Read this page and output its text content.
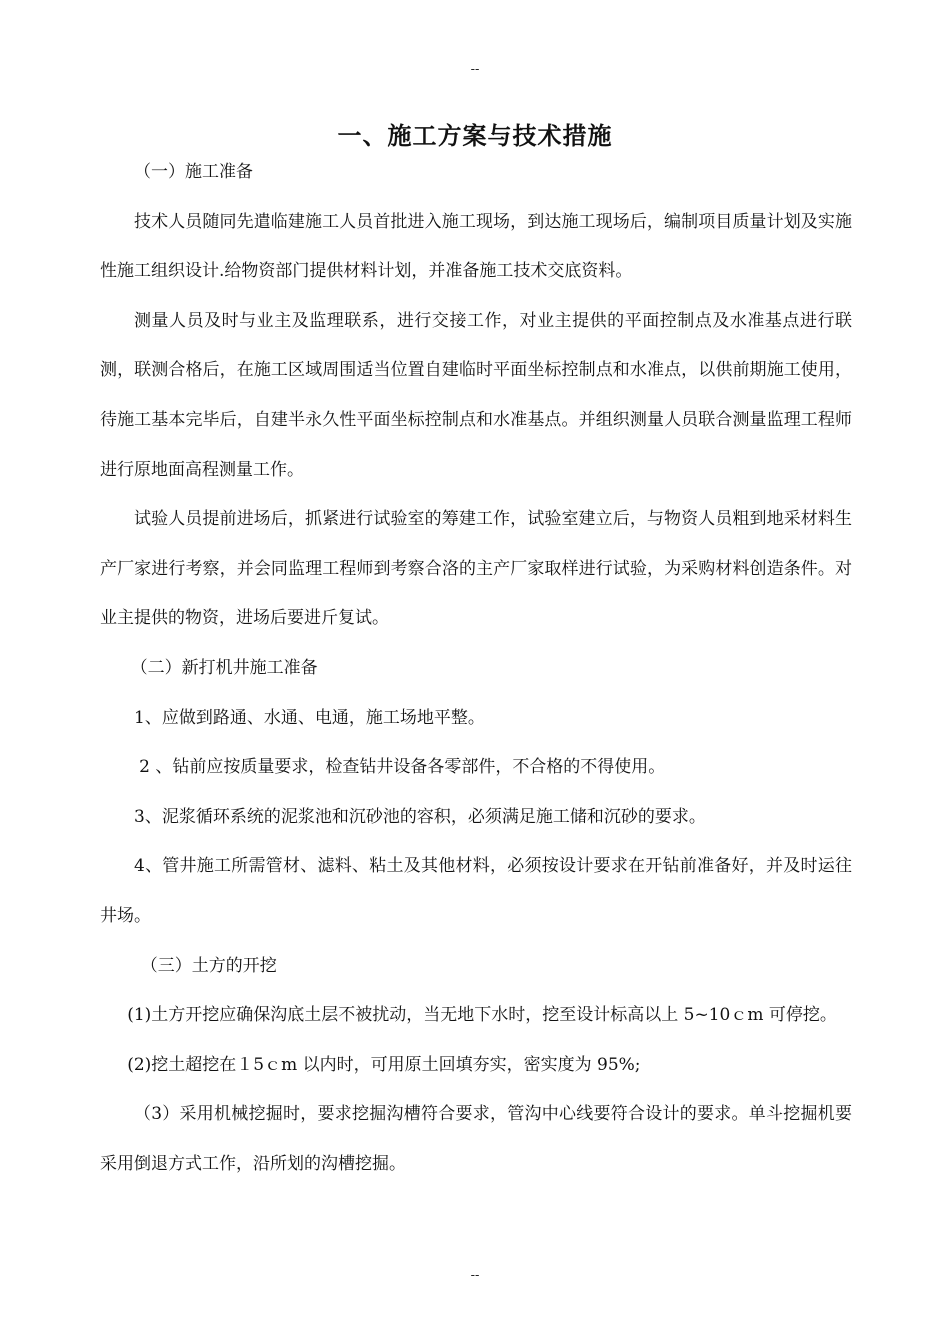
--
一、施工方案与技术措施

（一）施工准备

技术人员随同先遣临建施工人员首批进入施工现场，到达施工现场后，编制项目质量计划及实施性施工组织设计.给物资部门提供材料计划，并准备施工技术交底资料。

测量人员及时与业主及监理联系，进行交接工作，对业主提供的平面控制点及水准基点进行联测，联测合格后，在施工区域周围适当位置自建临时平面坐标控制点和水准点，以供前期施工使用，待施工基本完毕后，自建半永久性平面坐标控制点和水准基点。并组织测量人员联合测量监理工程师进行原地面高程测量工作。

试验人员提前进场后，抓紧进行试验室的筹建工作，试验室建立后，与物资人员粗到地采材料生产厂家进行考察，并会同监理工程师到考察合洛的主产厂家取样进行试验，为采购材料创造条件。对业主提供的物资，进场后要进斤复试。

（二）新打机井施工准备

1、应做到路通、水通、电通，施工场地平整。

2 、钻前应按质量要求，检查钻井设备各零部件，不合格的不得使用。

3、泥浆循环系统的泥浆池和沉砂池的容积，必须满足施工储和沉砂的要求。

4、管井施工所需管材、滤料、粘土及其他材料，必须按设计要求在开钻前准备好，并及时运往井场。

（三）土方的开挖

(1)土方开挖应确保沟底土层不被扰动，当无地下水时，挖至设计标高以上 5~10ｃm 可停挖。

(2)挖土超挖在１5ｃm 以内时，可用原土回填夯实，密实度为 95%;

（3）采用机械挖掘时，要求挖掘沟槽符合要求，管沟中心线要符合设计的要求。单斗挖掘机要采用倒退方式工作，沿所划的沟槽挖掘。

--
